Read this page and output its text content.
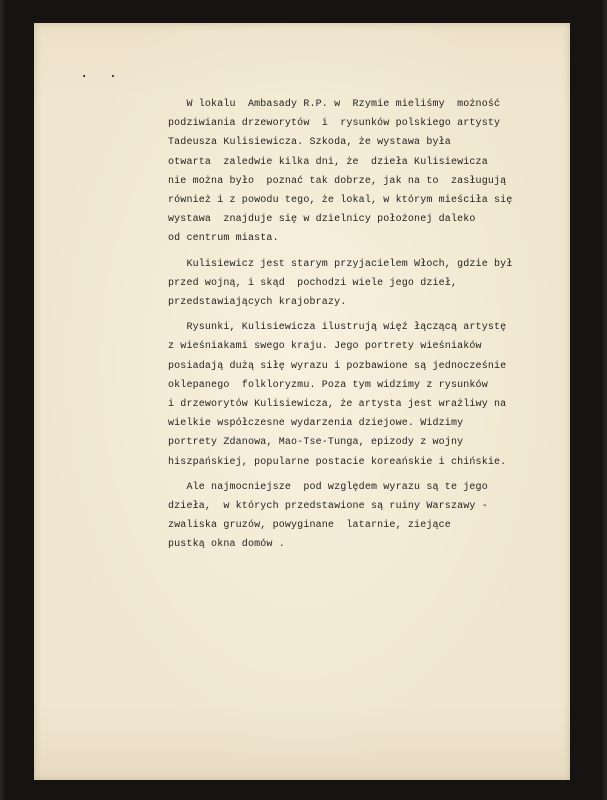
. .
W lokalu  Ambasady R.P. w  Rzymie mieliśmy  możność
podziwiania drzeworytów  i  rysunków polskiego artysty
Tadeusza Kulisiewicza. Szkoda, że wystawa była
otwarta  zaledwie kilka dni, że  dzieła Kulisiewicza
nie można było  poznać tak dobrze, jak na to  zasługują
również i z powodu tego, że lokal, w którym mieściła się
wystawa  znajduje się w dzielnicy położonej daleko
od centrum miasta.
Kulisiewicz jest starym przyjacielem Włoch, gdzie był
przed wojną, i skąd  pochodzi wiele jego dzieł,
przedstawiających krajobrazy.
Rysunki, Kulisiewicza ilustrują więź łączącą artystę
z wieśniakami swego kraju. Jego portrety wieśniaków
posiadają dużą siłę wyrazu i pozbawione są jednocześnie
oklepanego  folkloryzmu. Poza tym widzimy z rysunków
i drzeworytów Kulisiewicza, że artysta jest wrażliwy na
wielkie współczesne wydarzenia dziejowe. Widzimy
portrety Zdanowa, Mao-Tse-Tunga, epizody z wojny
hiszpańskiej, popularne postacie koreańskie i chińskie.
Ale najmocniejsze  pod względem wyrazu są te jego
dzieła,  w których przedstawione są ruiny Warszawy -
zwaliska gruzów, powyginane  latarnie, ziejące
pustką okna domów .
